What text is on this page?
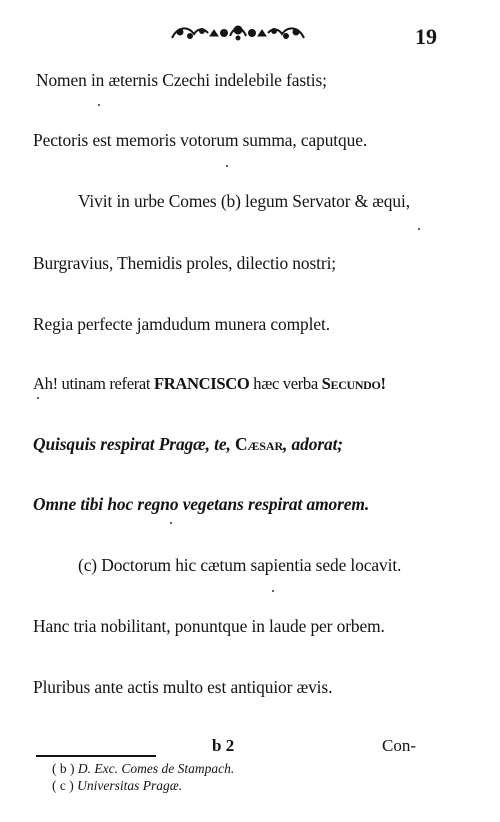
19
Nomen in æternis Czechi indelebile fastis;
Pectoris est memoris votorum summa, caputque.
Vivit in urbe Comes (b) legum Servator & æqui,
Burgravius, Themidis proles, dilectio nostri;
Regia perfecte jamdudum munera complet.
Ah! utinam referat FRANCISCO hæc verba Secundo!
Quisquis respirat Pragæ, te, Cæsar, adorat;
Omne tibi hoc regno vegetans respirat amorem.
(c) Doctorum hic cætum sapientia sede locavit.
Hanc tria nobilitant, ponuntque in laude per orbem.
Pluribus ante actis multo est antiquior ævis.
b 2	Con-
( b ) D. Exc. Comes de Stampach.
( c ) Universitas Pragæ.
